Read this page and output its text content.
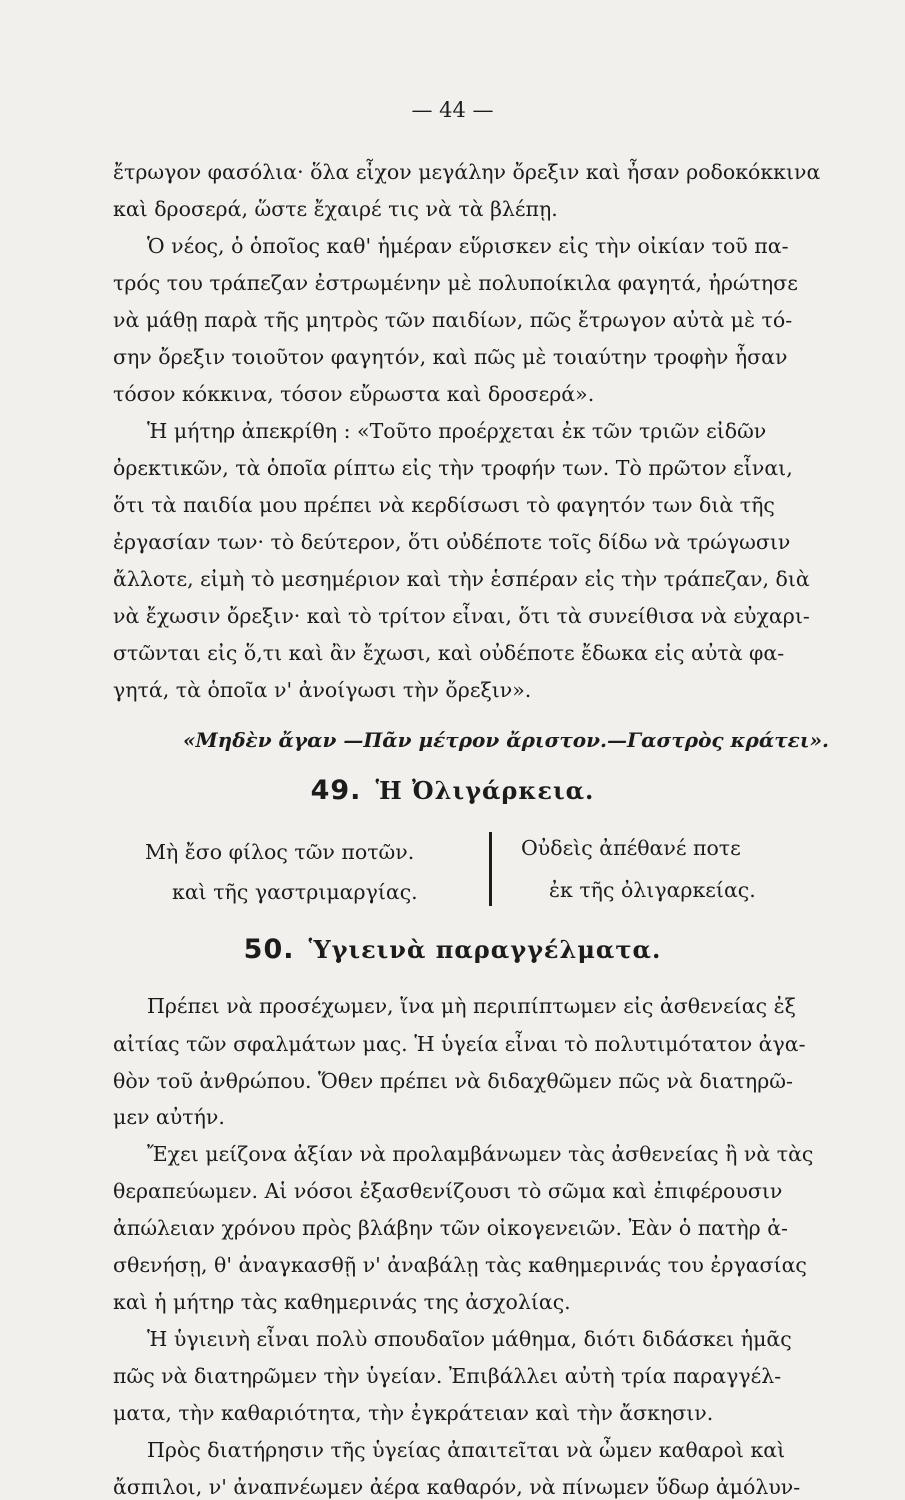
— 44 —
ἔτρωγον φασόλια· ὅλα εἶχον μεγάλην ὄρεξιν καὶ ἦσαν ροδοκόκκινα
καὶ δροσερά, ὥστε ἔχαιρέ τις νὰ τὰ βλέπῃ.
Ὁ νέος, ὁ ὁποῖος καθ' ἡμέραν εὕρισκεν εἰς τὴν οἰκίαν τοῦ πα-
τρός του τράπεζαν ἐστρωμένην μὲ πολυποίκιλα φαγητά, ἠρώτησε
νὰ μάθῃ παρὰ τῆς μητρὸς τῶν παιδίων, πῶς ἔτρωγον αὐτὰ μὲ τό-
σην ὄρεξιν τοιοῦτον φαγητόν, καὶ πῶς μὲ τοιαύτην τροφὴν ἦσαν
τόσον κόκκινα, τόσον εὔρωστα καὶ δροσερά».
Ἡ μήτηρ ἀπεκρίθη : «Τοῦτο προέρχεται ἐκ τῶν τριῶν εἰδῶν
ὀρεκτικῶν, τὰ ὁποῖα ρίπτω εἰς τὴν τροφήν των. Τὸ πρῶτον εἶναι,
ὅτι τὰ παιδία μου πρέπει νὰ κερδίσωσι τὸ φαγητόν των διὰ τῆς
ἐργασίαν των· τὸ δεύτερον, ὅτι οὐδέποτε τοῖς δίδω νὰ τρώγωσιν
ἄλλοτε, εἰμὴ τὸ μεσημέριον καὶ τὴν ἑσπέραν εἰς τὴν τράπεζαν, διὰ
νὰ ἔχωσιν ὄρεξιν· καὶ τὸ τρίτον εἶναι, ὅτι τὰ συνείθισα νὰ εὐχαρι-
στῶνται εἰς ὅ,τι καὶ ἂν ἔχωσι, καὶ οὐδέποτε ἔδωκα εἰς αὐτὰ φα-
γητά, τὰ ὁποῖα ν' ἀνοίγωσι τὴν ὄρεξιν».
«Μηδὲν ἄγαν —Πᾶν μέτρον ἄριστον.—Γαστρὸς κράτει».
49. Ἡ Ὀλιγάρκεια.
Μὴ ἔσο φίλος τῶν ποτῶν.
καὶ τῆς γαστριμαργίας.
Οὐδεὶς ἀπέθανέ ποτε
ἐκ τῆς ὀλιγαρκείας.
50. Ὑγιεινὰ παραγγέλματα.
Πρέπει νὰ προσέχωμεν, ἵνα μὴ περιπίπτωμεν εἰς ἀσθενείας ἐξ
αἰτίας τῶν σφαλμάτων μας. Ἡ ὑγεία εἶναι τὸ πολυτιμότατον ἀγα-
θὸν τοῦ ἀνθρώπου. Ὅθεν πρέπει νὰ διδαχθῶμεν πῶς νὰ διατηρῶ-
μεν αὐτήν.
Ἔχει μείζονα ἀξίαν νὰ προλαμβάνωμεν τὰς ἀσθενείας ἢ νὰ τὰς
θεραπεύωμεν. Αἱ νόσοι ἐξασθενίζουσι τὸ σῶμα καὶ ἐπιφέρουσιν
ἀπώλειαν χρόνου πρὸς βλάβην τῶν οἰκογενειῶν. Ἐὰν ὁ πατὴρ ἀ-
σθενήσῃ, θ' ἀναγκασθῇ ν' ἀναβάλῃ τὰς καθημερινάς του ἐργασίας
καὶ ἡ μήτηρ τὰς καθημερινάς της ἀσχολίας.
Ἡ ὑγιεινὴ εἶναι πολὺ σπουδαῖον μάθημα, διότι διδάσκει ἡμᾶς
πῶς νὰ διατηρῶμεν τὴν ὑγείαν. Ἐπιβάλλει αὐτὴ τρία παραγγέλ-
ματα, τὴν καθαριότητα, τὴν ἐγκράτειαν καὶ τὴν ἄσκησιν.
Πρὸς διατήρησιν τῆς ὑγείας ἀπαιτεῖται νὰ ὦμεν καθαροὶ καὶ
ἄσπιλοι, ν' ἀναπνέωμεν ἀέρα καθαρόν, νὰ πίνωμεν ὕδωρ ἀμόλυν-
